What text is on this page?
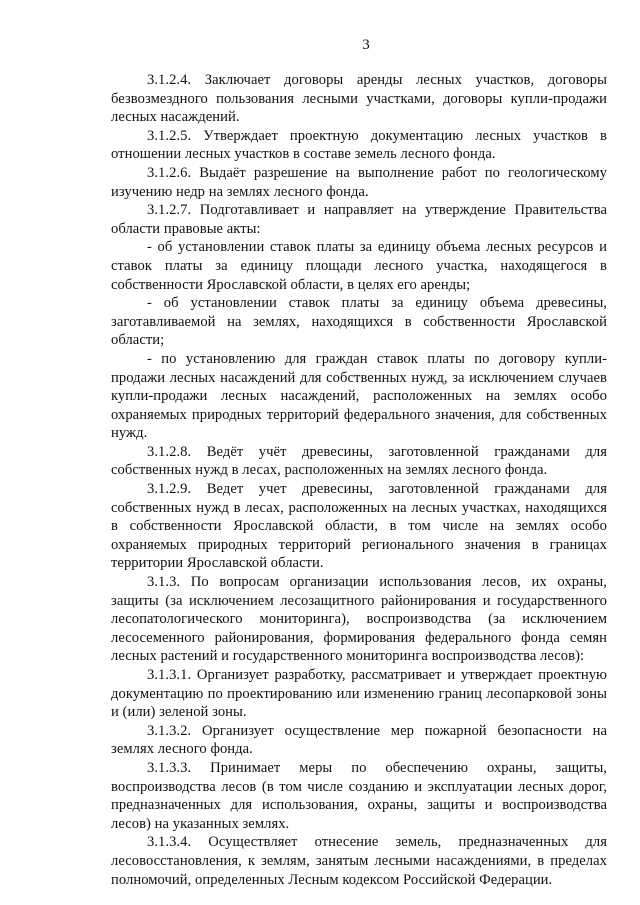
3

3.1.2.4. Заключает договоры аренды лесных участков, договоры безвозмездного пользования лесными участками, договоры купли-продажи лесных насаждений.

3.1.2.5. Утверждает проектную документацию лесных участков в отношении лесных участков в составе земель лесного фонда.

3.1.2.6. Выдаёт разрешение на выполнение работ по геологическому изучению недр на землях лесного фонда.

3.1.2.7. Подготавливает и направляет на утверждение Правительства области правовые акты:

- об установлении ставок платы за единицу объема лесных ресурсов и ставок платы за единицу площади лесного участка, находящегося в собственности Ярославской области, в целях его аренды;

- об установлении ставок платы за единицу объема древесины, заготавливаемой на землях, находящихся в собственности Ярославской области;

- по установлению для граждан ставок платы по договору купли-продажи лесных насаждений для собственных нужд, за исключением случаев купли-продажи лесных насаждений, расположенных на землях особо охраняемых природных территорий федерального значения, для собственных нужд.

3.1.2.8. Ведёт учёт древесины, заготовленной гражданами для собственных нужд в лесах, расположенных на землях лесного фонда.

3.1.2.9. Ведет учет древесины, заготовленной гражданами для собственных нужд в лесах, расположенных на лесных участках, находящихся в собственности Ярославской области, в том числе на землях особо охраняемых природных территорий регионального значения в границах территории Ярославской области.

3.1.3. По вопросам организации использования лесов, их охраны, защиты (за исключением лесозащитного районирования и государственного лесопатологического мониторинга), воспроизводства (за исключением лесосеменного районирования, формирования федерального фонда семян лесных растений и государственного мониторинга воспроизводства лесов):

3.1.3.1. Организует разработку, рассматривает и утверждает проектную документацию по проектированию или изменению границ лесопарковой зоны и (или) зеленой зоны.

3.1.3.2. Организует осуществление мер пожарной безопасности на землях лесного фонда.

3.1.3.3. Принимает меры по обеспечению охраны, защиты, воспроизводства лесов (в том числе созданию и эксплуатации лесных дорог, предназначенных для использования, охраны, защиты и воспроизводства лесов) на указанных землях.

3.1.3.4. Осуществляет отнесение земель, предназначенных для лесовосстановления, к землям, занятым лесными насаждениями, в пределах полномочий, определенных Лесным кодексом Российской Федерации.
